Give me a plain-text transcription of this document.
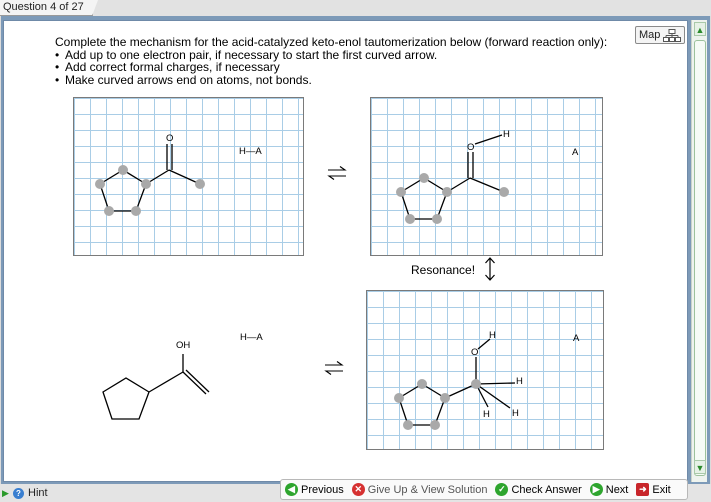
Question 4 of 27
▲
▼
Map
Complete the mechanism for the acid-catalyzed keto-enol tautomerization below (forward reaction only):
• Add up to one electron pair, if necessary to start the first curved arrow.
• Add correct formal charges, if necessary
• Make curved arrows end on atoms, not bonds.
O
H—A	O
H
A
Resonance!
OH
H—A
O
H	A
H
H H
▶ ? Hint	◀ Previous	✕ Give Up & View Solution	✓ Check Answer	▶ Next	➜ Exit
